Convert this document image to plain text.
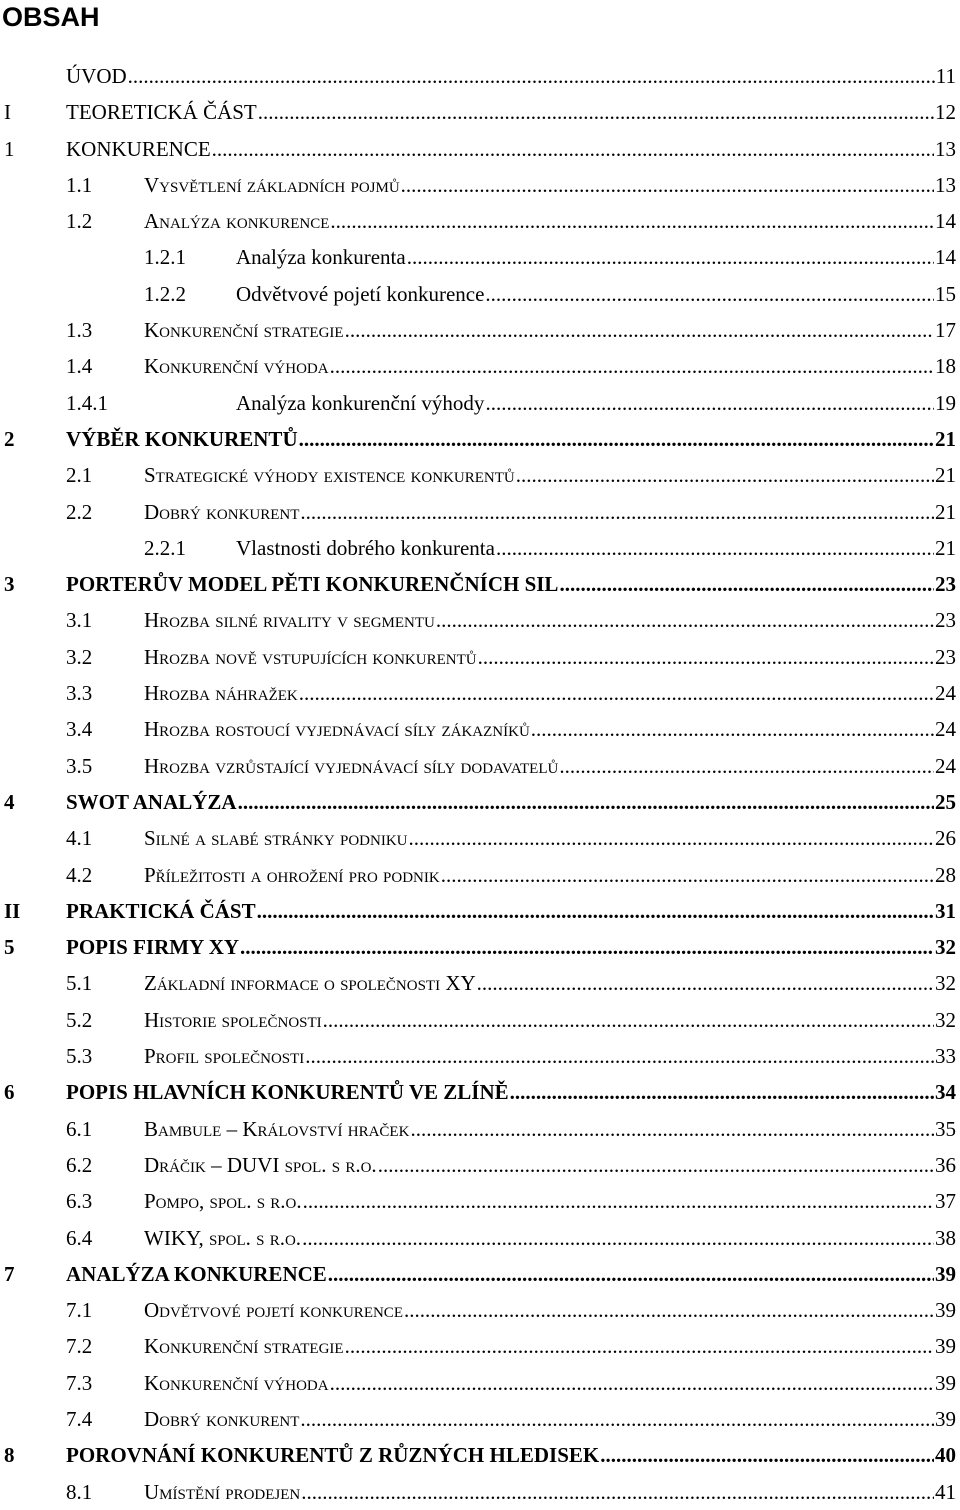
OBSAH
ÚVOD .....	11
I	TEORETICKÁ ČÁST .....	12
1 KONKURENCE .....	13
1.1 Vysvětlení základních pojmů .....	13
1.2 Analýza konkurence .....	14
1.2.1 Analýza konkurenta .....	14
1.2.2 Odvětvové pojetí konkurence .....	15
1.3 Konkurenční strategie .....	17
1.4 Konkurenční výhoda .....	18
1.4.1	Analýza konkurenční výhody .....	19
2 VÝBĚR KONKURENTŮ .....	21
2.1 Strategické výhody existence konkurentů .....	21
2.2 Dobrý konkurent .....	21
2.2.1 Vlastnosti dobrého konkurenta .....	21
3 PORTERŮV MODEL PĚTI KONKURENČNÍCH SIL .....	23
3.1 Hrozba silné rivality v segmentu .....	23
3.2 Hrozba nově vstupujících konkurentů .....	23
3.3 Hrozba náhražek .....	24
3.4 Hrozba rostoucí vyjednávací síly zákazníků .....	24
3.5 Hrozba vzrůstající vyjednávací síly dodavatelů .....	24
4 SWOT ANALÝZA .....	25
4.1 Silné a slabé stránky podniku .....	26
4.2 Příležitosti a ohrožení pro podnik .....	28
II PRAKTICKÁ ČÁST .....	31
5 POPIS FIRMY XY .....	32
5.1 Základní informace o společnosti XY .....	32
5.2 Historie společnosti .....	32
5.3 Profil společnosti .....	33
6 POPIS HLAVNÍCH KONKURENTŮ VE ZLÍNĚ .....	34
6.1 Bambule – Království hraček .....	35
6.2 Dráčik – DUVI spol. s r.o. .....	36
6.3 Pompo, spol. s r.o. .....	37
6.4 WIKY, spol. s r.o. .....	38
7 ANALÝZA KONKURENCE .....	39
7.1 Odvětvové pojetí konkurence .....	39
7.2 Konkurenční strategie .....	39
7.3 Konkurenční výhoda .....	39
7.4 Dobrý konkurent .....	39
8 POROVNÁNÍ KONKURENTŮ Z RŮZNÝCH HLEDISEK .....	40
8.1 Umístění prodejen .....	41
